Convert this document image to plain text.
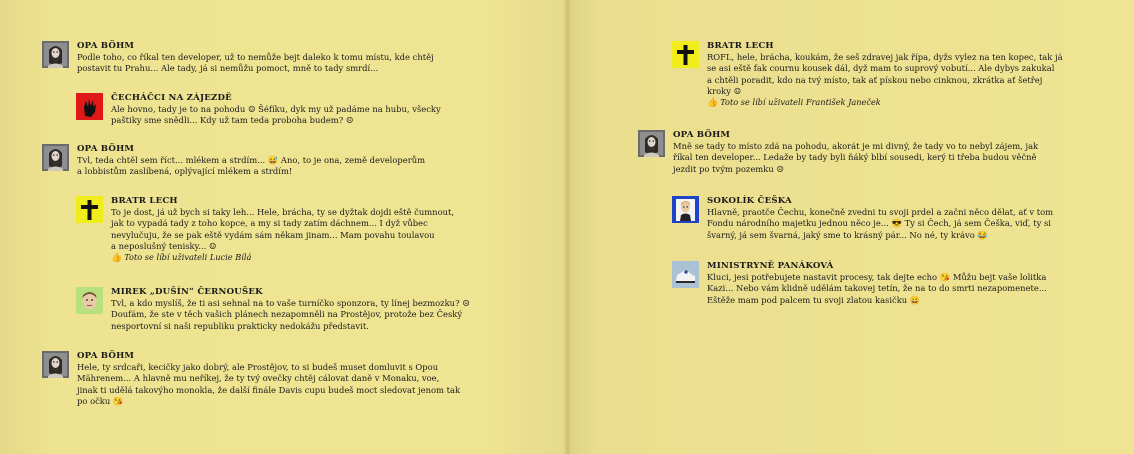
OPA BÖHM
Podle toho, co říkal ten developer, už to nemůže bejt daleko k tomu místu, kde chtěj
postavit tu Prahu... Ale tady, já si nemůžu pomoct, mně to tady smrdí...
ČECHÁČCI NA ZÁJEZDĚ
Ale hovno, tady je to na pohodu ☺ Šéfíku, dyk my už padáme na hubu, všecky
paštiky sme snědli... Kdy už tam teda proboha budem? ☹
OPA BÖHM
Tvl, teda chtěl sem říct... mlékem a strdím... 😅 Ano, to je ona, země developerům
a lobbistům zaslíbená, oplývající mlékem a strdím!
BRATR LECH
To je dost, já už bych si taky leh... Hele, brácha, ty se dyžtak dojdi eště čumnout,
jak to vypadá tady z toho kopce, a my si tady zatím dáchnem... I dyž vůbec
nevylučuju, že se pak eště vydám sám někam jinam... Mam povahu toulavou
a neposlušný tenisky... ☺
👍 Toto se líbí uživateli Lucie Bílá
MIREK „DUŠÍN“ ČERNOUŠEK
Tvl, a kdo myslíš, že ti asi sehnal na to vaše turníčko sponzora, ty línej bezmozku? ☹
Doufám, že ste v těch vašich plánech nezapomněli na Prostějov, protože bez Český
nesportovní si naši republiku prakticky nedokážu představit.
OPA BÖHM
Hele, ty srdcaři, kecičky jako dobrý, ale Prostějov, to si budeš muset domluvit s Opou
Mährenem... A hlavně mu neříkej, že ty tvý ovečky chtěj cálovat daně v Monaku, voe,
jinak ti udělá takovýho monokla, že další finále Davis cupu budeš moct sledovat jenom tak
po očku 😘
BRATR LECH
ROFL, hele, brácha, koukám, že seš zdravej jak řípa, dyžs vylez na ten kopec, tak já
se asi eště fak cournu kousek dál, dyž mam to suprový vobutí... Ale dybys zakukal
a chtěli poradit, kdo na tvý místo, tak ať pískou nebo cinknou, zkrátka ať šetřej
kroky ☺
👍 Toto se líbí uživateli František Janeček
OPA BÖHM
Mně se tady to místo zdá na pohodu, akorát je mi divný, že tady vo to nebyl zájem, jak
říkal ten developer... Ledaže by tady byli ňáký blbí sousedi, kerý ti třeba budou věčně
jezdit po tvým pozemku ☹
SOKOLÍK ČEŠKA
Hlavně, praotče Čechu, konečně zvedni tu svoji prdel a začni něco dělat, ať v tom
Fondu národního majetku jednou něco je... 😎 Ty si Čech, já sem Češka, viď, ty si
švarný, já sem švarná, jaký sme to krásný pár... No né, ty krávo 😂
MINISTRYNĚ PANÁKOVÁ
Kluci, jesi potřebujete nastavit procesy, tak dejte echo 😘 Můžu bejt vaše lolitka
Kazi... Nebo vám klidně udělám takovej tetín, že na to do smrti nezapomenete...
Eštěže mam pod palcem tu svoji zlatou kasičku 😀
